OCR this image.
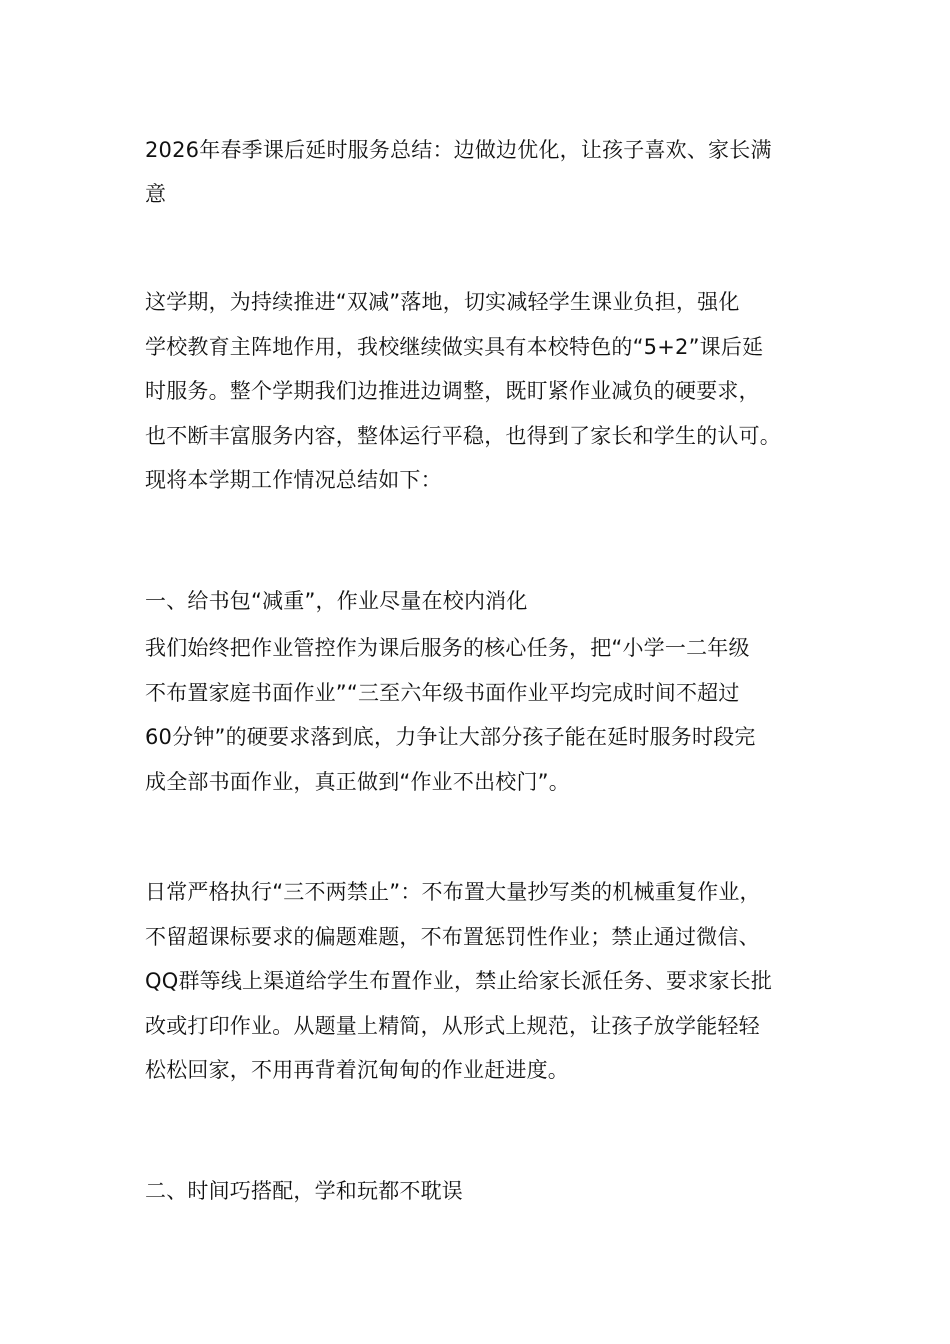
2026年春季课后延时服务总结：边做边优化，让孩子喜欢、家长满
意
这学期，为持续推进“双减”落地，切实减轻学生课业负担，强化
学校教育主阵地作用，我校继续做实具有本校特色的“5+2”课后延
时服务。整个学期我们边推进边调整，既盯紧作业减负的硬要求，
也不断丰富服务内容，整体运行平稳，也得到了家长和学生的认可。
现将本学期工作情况总结如下：
一、给书包“减重”，作业尽量在校内消化
我们始终把作业管控作为课后服务的核心任务，把“小学一二年级
不布置家庭书面作业”“三至六年级书面作业平均完成时间不超过
60分钟”的硬要求落到底，力争让大部分孩子能在延时服务时段完
成全部书面作业，真正做到“作业不出校门”。
日常严格执行“三不两禁止”：不布置大量抄写类的机械重复作业，
不留超课标要求的偏题难题，不布置惩罚性作业；禁止通过微信、
QQ群等线上渠道给学生布置作业，禁止给家长派任务、要求家长批
改或打印作业。从题量上精简，从形式上规范，让孩子放学能轻轻
松松回家，不用再背着沉甸甸的作业赶进度。
二、时间巧搭配，学和玩都不耽误
